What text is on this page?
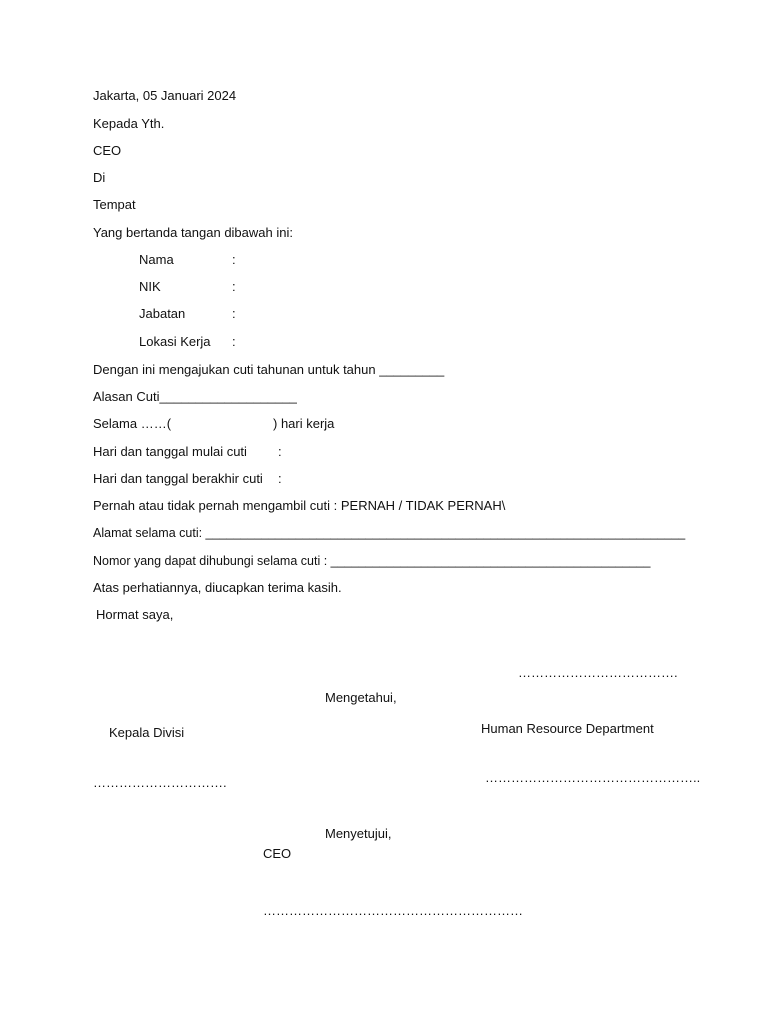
Jakarta, 05 Januari 2024
Kepada Yth.
CEO
Di
Tempat
Yang bertanda tangan dibawah ini:
Nama	:
NIK	:
Jabatan	:
Lokasi Kerja :
Dengan ini mengajukan cuti tahunan untuk tahun _________
Alasan Cuti___________________
Selama ……(	) hari kerja
Hari dan tanggal mulai cuti :
Hari dan tanggal berakhir cuti :
Pernah atau tidak pernah mengambil cuti : PERNAH / TIDAK PERNAH\
Alamat selama cuti: _____________________________________________________________________
Nomor yang dapat dihubungi selama cuti : ______________________________________________
Atas perhatiannya, diucapkan terima kasih.
Hormat saya,
……………………………….
Mengetahui,
Kepala Divisi	Human Resource Department
………………………….	…………………………………………..
Menyetujui,
CEO
……………………………………………………
